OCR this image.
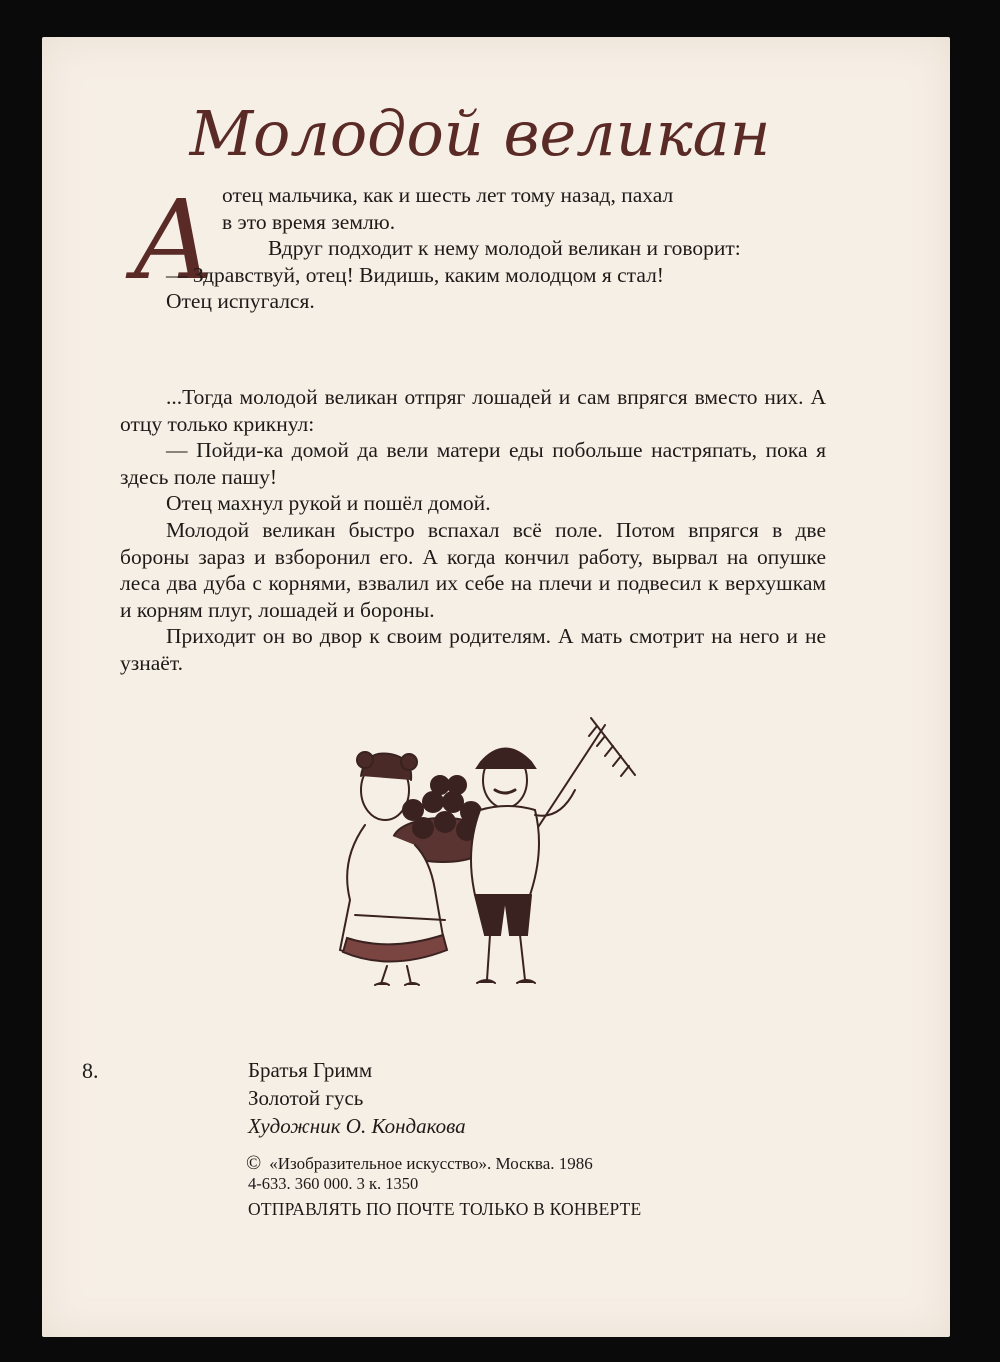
Молодой великан
А отец мальчика, как и шесть лет тому назад, пахал

в это время землю.

Вдруг подходит к нему молодой великан и говорит:

— Здравствуй, отец! Видишь, каким молодцом я стал!

Отец испугался.

...Тогда молодой великан отпряг лошадей и сам впрягся вместо них. А отцу только крикнул:

— Пойди-ка домой да вели матери еды побольше настряпать, пока я здесь поле пашу!

Отец махнул рукой и пошёл домой.

Молодой великан быстро вспахал всё поле. Потом впрягся в две бороны зараз и взборонил его. А когда кончил работу, вырвал на опушке леса два дуба с корнями, взвалил их себе на плечи и подвесил к верхушкам и корням плуг, лошадей и бороны.

Приходит он во двор к своим родителям. А мать смотрит на него и не узнаёт.

8.	Братья Гримм
Золотой гусь
Художник О. Кондакова
© «Изобразительное искусство». Москва. 1986
4-633. 360 000. 3 к. 1350
ОТПРАВЛЯТЬ ПО ПОЧТЕ ТОЛЬКО В КОНВЕРТЕ
